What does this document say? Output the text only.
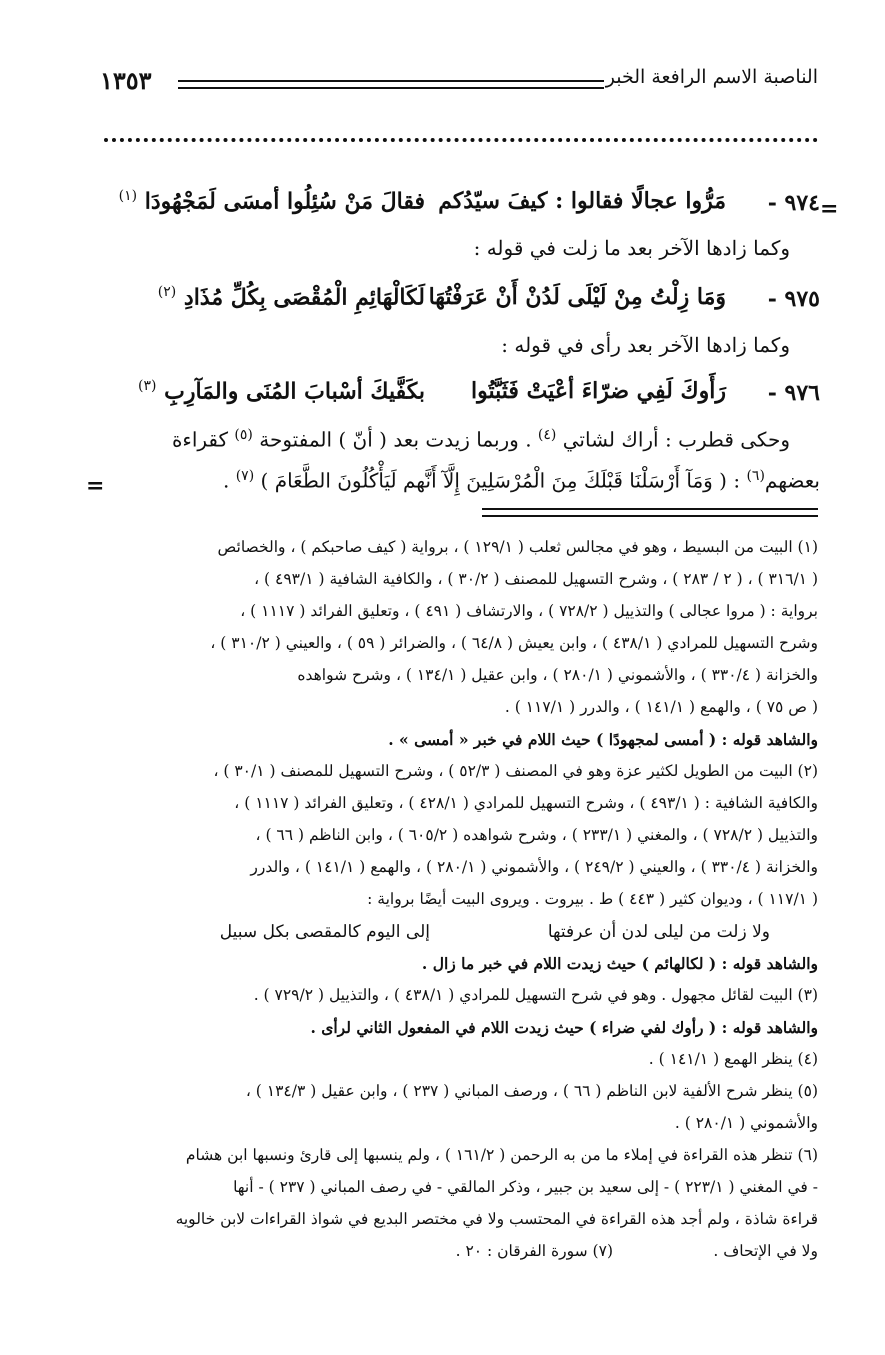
١٣٥٣	الناصبة الاسم الرافعة الخبر
=
=
٩٧٤ -
مَرُّوا عجالًا فقالوا : كيفَ سيّدُكم
فقالَ مَنْ سُئِلُوا أمسَى لَمَجْهُودَا $^{(١)}$
وكما زادها الآخر بعد ما زلت في قوله :
٩٧٥ -
وَمَا زِلْتُ مِنْ لَيْلَى لَدُنْ أَنْ عَرَفْتُهَا
لَكَالْهَائِمِ الْمُقْصَى بِكُلِّ مُذَادِ $^{(٢)}$
وكما زادها الآخر بعد رأى في قوله :
٩٧٦ -
رَأَوكَ لَفِي ضرّاءَ أعْيَتْ فَثَبَّتُوا
بكَفَّيكَ أسْبابَ المُنَى والمَآرِبِ $^{(٣)}$
وحكى قطرب : أراك لشاتي $^{(٤)}$ . وربما زيدت بعد ( أنّ ) المفتوحة $^{(٥)}$ كقراءة
بعضهم$^{(٦)}$ : ( وَمَآ أَرْسَلْنَا قَبْلَكَ مِنَ الْمُرْسَلِينَ إِلَّآ أَنَّهم لَيَأْكُلُونَ الطَّعَامَ ) $^{(٧)}$ .
(١) البيت من البسيط ، وهو في مجالس ثعلب ( ١٢٩/١ ) ، برواية ( كيف صاحبكم ) ، والخصائص
( ٣١٦/١ ) ، ( ٢ / ٢٨٣ ) ، وشرح التسهيل للمصنف ( ٣٠/٢ ) ، والكافية الشافية ( ٤٩٣/١ ) ،
برواية : ( مروا عجالى ) والتذييل ( ٧٢٨/٢ ) ، والارتشاف ( ٤٩١ ) ، وتعليق الفرائد ( ١١١٧ ) ،
وشرح التسهيل للمرادي ( ٤٣٨/١ ) ، وابن يعيش ( ٦٤/٨ ) ، والضرائر ( ٥٩ ) ، والعيني ( ٣١٠/٢ ) ،
والخزانة ( ٣٣٠/٤ ) ، والأشموني ( ٢٨٠/١ ) ، وابن عقيل ( ١٣٤/١ ) ، وشرح شواهده
( ص ٧٥ ) ، والهمع ( ١٤١/١ ) ، والدرر ( ١١٧/١ ) .
والشاهد قوله : ( أمسى لمجهودًا ) حيث اللام في خبر « أمسى » .
(٢) البيت من الطويل لكثير عزة وهو في المصنف ( ٥٢/٣ ) ، وشرح التسهيل للمصنف ( ٣٠/١ ) ،
والكافية الشافية : ( ٤٩٣/١ ) ، وشرح التسهيل للمرادي ( ٤٢٨/١ ) ، وتعليق الفرائد ( ١١١٧ ) ،
والتذييل ( ٧٢٨/٢ ) ، والمغني ( ٢٣٣/١ ) ، وشرح شواهده ( ٦٠٥/٢ ) ، وابن الناظم ( ٦٦ ) ،
والخزانة ( ٣٣٠/٤ ) ، والعيني ( ٢٤٩/٢ ) ، والأشموني ( ٢٨٠/١ ) ، والهمع ( ١٤١/١ ) ، والدرر
( ١١٧/١ ) ، وديوان كثير ( ٤٤٣ ) ط . بيروت . ويروى البيت أيضًا برواية :
والشاهد قوله : ( لكالهائم ) حيث زيدت اللام في خبر ما زال .
(٣) البيت لقائل مجهول . وهو في شرح التسهيل للمرادي ( ٤٣٨/١ ) ، والتذييل ( ٧٢٩/٢ ) .
والشاهد قوله : ( رأوك لفي ضراء ) حيث زيدت اللام في المفعول الثاني لرأى .
(٤) ينظر الهمع ( ١٤١/١ ) .
(٥) ينظر شرح الألفية لابن الناظم ( ٦٦ ) ، ورصف المباني ( ٢٣٧ ) ، وابن عقيل ( ١٣٤/٣ ) ،
والأشموني ( ٢٨٠/١ ) .
(٦) تنظر هذه القراءة في إملاء ما من به الرحمن ( ١٦١/٢ ) ، ولم ينسبها إلى قارئ ونسبها ابن هشام
- في المغني ( ٢٢٣/١ ) - إلى سعيد بن جبير ، وذكر المالقي - في رصف المباني ( ٢٣٧ ) - أنها
قراءة شاذة ، ولم أجد هذه القراءة في المحتسب ولا في مختصر البديع في شواذ القراءات لابن خالويه
ولا في الإتحاف .
(٧) سورة الفرقان : ٢٠ .
ولا زلت من ليلى لدن أن عرفتها
إلى اليوم كالمقصى بكل سبيل
